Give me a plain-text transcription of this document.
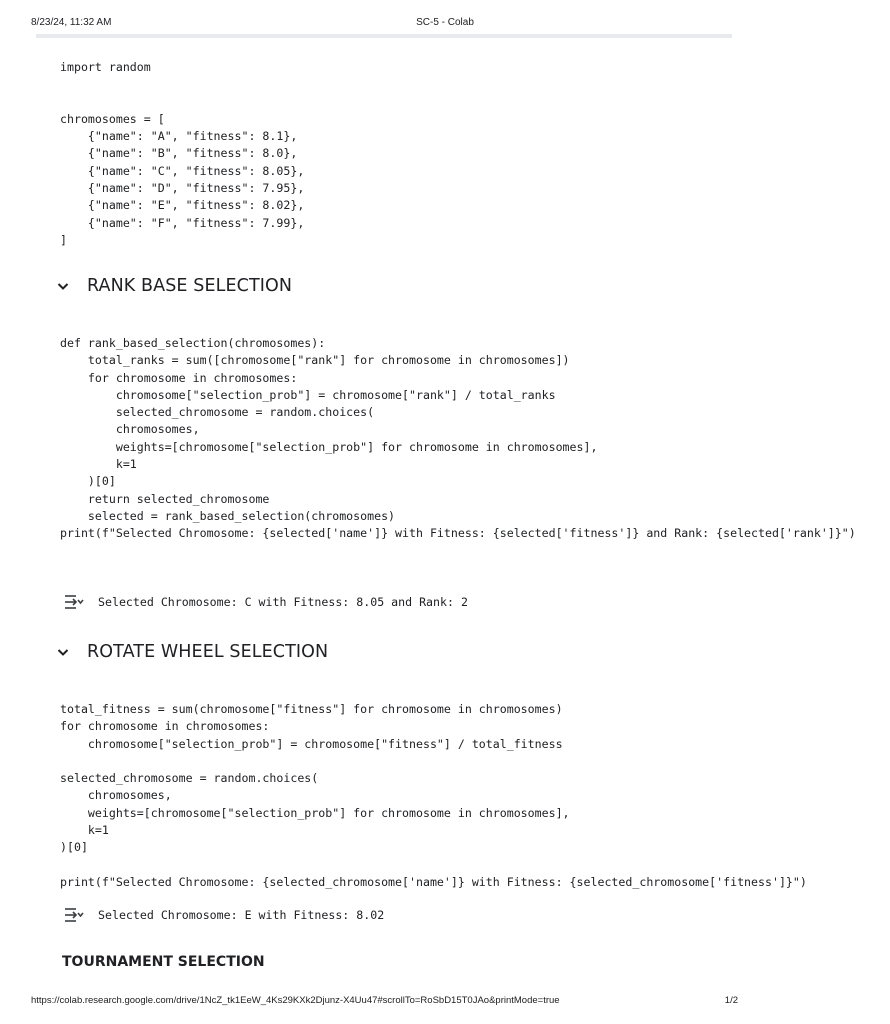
8/23/24, 11:32 AM	SC-5 - Colab
import random

chromosomes = [
{"name": "A", "fitness": 8.1},
{"name": "B", "fitness": 8.0},
{"name": "C", "fitness": 8.05},
{"name": "D", "fitness": 7.95},
{"name": "E", "fitness": 8.02},
{"name": "F", "fitness": 7.99},
]
RANK BASE SELECTION
def rank_based_selection(chromosomes):
total_ranks = sum([chromosome["rank"] for chromosome in chromosomes])
for chromosome in chromosomes:
chromosome["selection_prob"] = chromosome["rank"] / total_ranks
selected_chromosome = random.choices(
chromosomes,
weights=[chromosome["selection_prob"] for chromosome in chromosomes],
k=1
)[0]
return selected_chromosome
selected = rank_based_selection(chromosomes)
print(f"Selected Chromosome: {selected['name']} with Fitness: {selected['fitness']} and Rank: {selected['rank']}")
Selected Chromosome: C with Fitness: 8.05 and Rank: 2
ROTATE WHEEL SELECTION
total_fitness = sum(chromosome["fitness"] for chromosome in chromosomes)
for chromosome in chromosomes:
chromosome["selection_prob"] = chromosome["fitness"] / total_fitness

selected_chromosome = random.choices(
chromosomes,
weights=[chromosome["selection_prob"] for chromosome in chromosomes],
k=1
)[0]

print(f"Selected Chromosome: {selected_chromosome['name']} with Fitness: {selected_chromosome['fitness']}")
Selected Chromosome: E with Fitness: 8.02
TOURNAMENT SELECTION
https://colab.research.google.com/drive/1NcZ_tk1EeW_4Ks29KXk2Djunz-X4Uu47#scrollTo=RoSbD15T0JAo&printMode=true	1/2
